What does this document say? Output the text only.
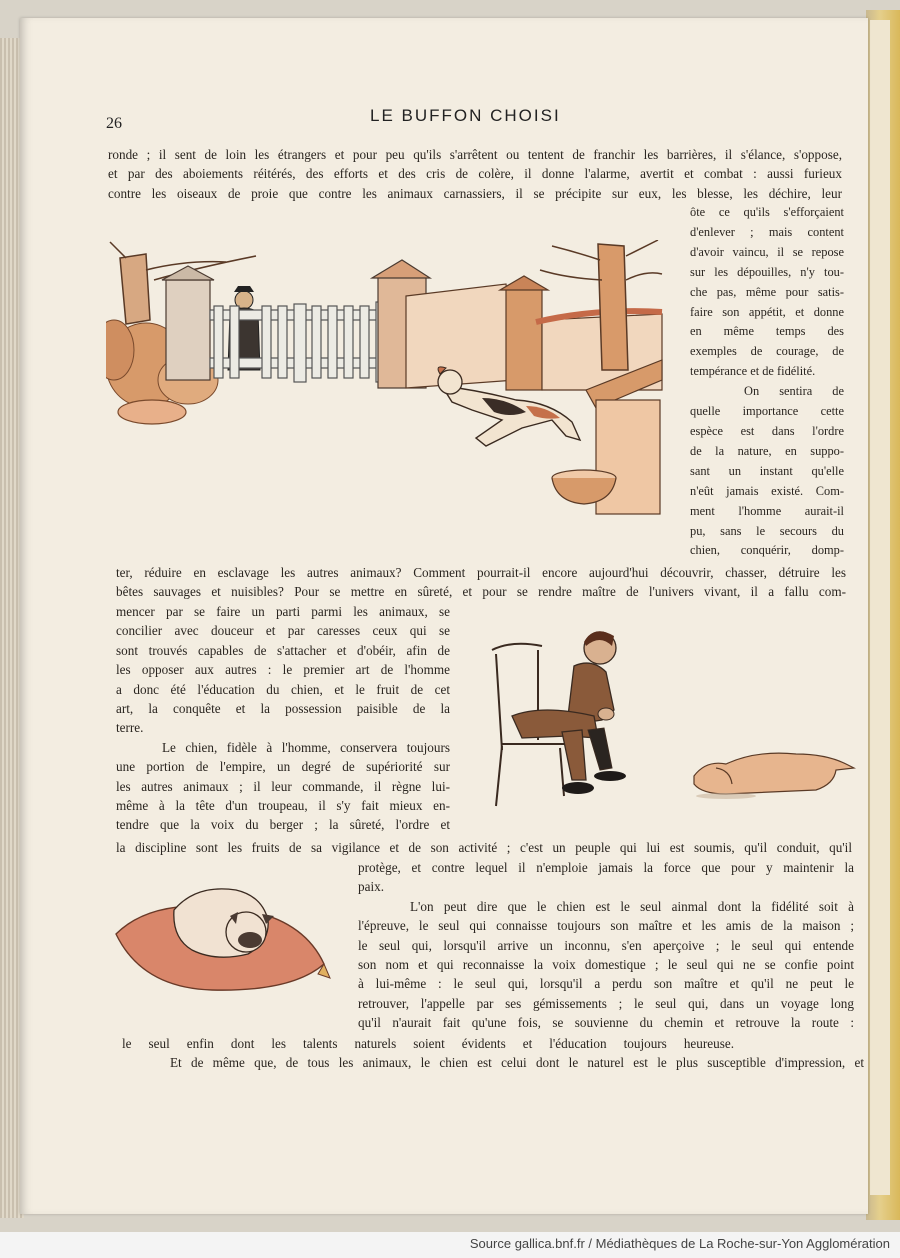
26	LE BUFFON CHOISI
ronde ; il sent de loin les étrangers et pour peu qu'ils s'arrêtent ou tentent de franchir les barrières, il s'élance, s'oppose,
et par des aboiements réitérés, des efforts et des cris de colère, il donne l'alarme, avertit et combat : aussi furieux
contre les oiseaux de proie que contre les animaux carnassiers, il se précipite sur eux, les blesse, les déchire, leur
ôte ce qu'ils s'efforçaient
d'enlever ; mais content
d'avoir vaincu, il se repose
sur les dépouilles, n'y tou-
che pas, même pour satis-
faire son appétit, et donne
en même temps des
exemples de courage, de
tempérance et de fidélité.
On sentira de
quelle importance cette
espèce est dans l'ordre
de la nature, en suppo-
sant un instant qu'elle
n'eût jamais existé. Com-
ment l'homme aurait-il
pu, sans le secours du
chien, conquérir, domp-
ter, réduire en esclavage les autres animaux? Comment pourrait-il encore aujourd'hui découvrir, chasser, détruire les
bêtes sauvages et nuisibles? Pour se mettre en sûreté, et pour se rendre maître de l'univers vivant, il a fallu com-
mencer par se faire un parti parmi les animaux, se
concilier avec douceur et par caresses ceux qui se
sont trouvés capables de s'attacher et d'obéir, afin de
les opposer aux autres : le premier art de l'homme
a donc été l'éducation du chien, et le fruit de cet
art, la conquête et la possession paisible de la
terre.
Le chien, fidèle à l'homme, conservera toujours
une portion de l'empire, un degré de supériorité sur
les autres animaux ; il leur commande, il règne lui-
même à la tête d'un troupeau, il s'y fait mieux en-
tendre que la voix du berger ; la sûreté, l'ordre et
la discipline sont les fruits de sa vigilance et de son activité ; c'est un peuple qui lui est soumis, qu'il conduit, qu'il
protège, et contre lequel il n'emploie jamais la force que pour y maintenir la
paix.
L'on peut dire que le chien est le seul ainmal dont la fidélité soit à
l'épreuve, le seul qui connaisse toujours son maître et les amis de la maison ;
le seul qui, lorsqu'il arrive un inconnu, s'en aperçoive ; le seul qui entende
son nom et qui reconnaisse la voix domestique ; le seul qui ne se confie point
à lui-même : le seul qui, lorsqu'il a perdu son maître et qu'il ne peut le
retrouver, l'appelle par ses gémissements ; le seul qui, dans un voyage long
qu'il n'aurait fait qu'une fois, se souvienne du chemin et retrouve la route :
le seul enfin dont les talents naturels soient évidents et l'éducation toujours heureuse.
Et de même que, de tous les animaux, le chien est celui dont le naturel est le plus susceptible d'impression, et
Source gallica.bnf.fr / Médiathèques de La Roche-sur-Yon Agglomération
